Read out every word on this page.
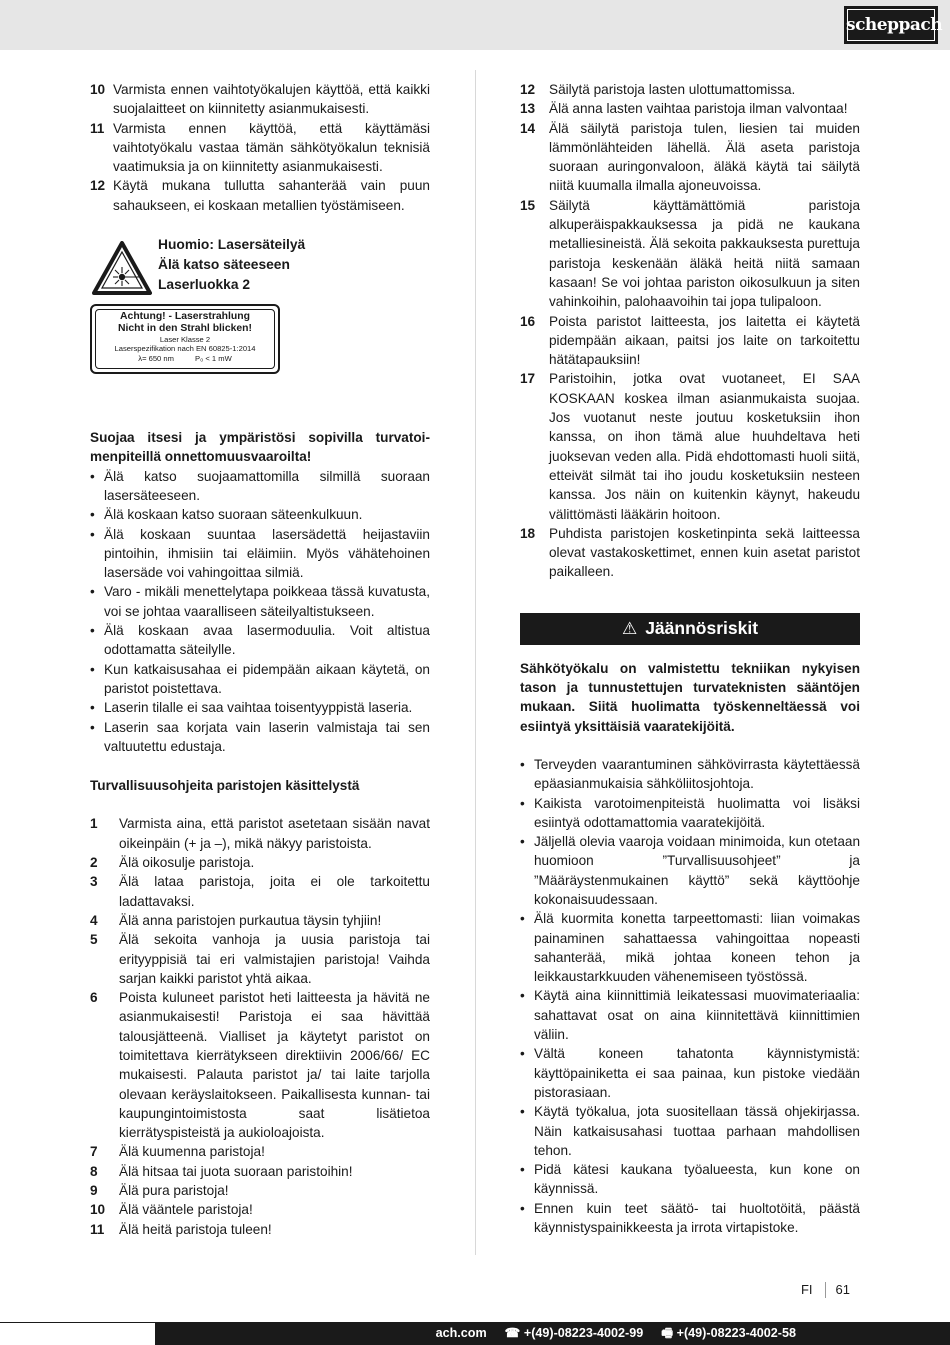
scheppach
10 Varmista ennen vaihtotyökalujen käyttöä, että kaikki suojalaitteet on kiinnitetty asianmukaisesti.
11 Varmista ennen käyttöä, että käyttämäsi vaihtotyökalu vastaa tämän sähkötyökalun teknisiä vaatimuksia ja on kiinnitetty asianmukaisesti.
12 Käytä mukana tullutta sahanterää vain puun sahaukseen, ei koskaan metallien työstämiseen.
Huomio: Lasersäteilyä
Älä katso säteeseen
Laserluokka 2
Achtung! - Laserstrahlung
Nicht in den Strahl blicken!
Laser Klasse 2
Laserspezifikation nach EN 60825-1:2014
λ= 650 nm          P₀ < 1 mW
Suojaa itsesi ja ympäristösi sopivilla turvatoi-menpiteillä onnettomuusvaaroilta!
• Älä katso suojaamattomilla silmillä suoraan lasersäteeseen.
• Älä koskaan katso suoraan säteenkulkuun.
• Älä koskaan suuntaa lasersädettä heijastaviin pintoihin, ihmisiin tai eläimiin. Myös vähätehoinen lasersäde voi vahingoittaa silmiä.
• Varo - mikäli menettelytapa poikkeaa tässä kuvatusta, voi se johtaa vaaralliseen säteilyaltistukseen.
• Älä koskaan avaa lasermoduulia. Voit altistua odottamatta säteilylle.
• Kun katkaisusahaa ei pidempään aikaan käytetä, on paristot poistettava.
• Laserin tilalle ei saa vaihtaa toisentyyppistä laseria.
• Laserin saa korjata vain laserin valmistaja tai sen valtuutettu edustaja.
Turvallisuusohjeita paristojen käsittelystä
1	Varmista aina, että paristot asetetaan sisään navat oikeinpäin (+ ja –), mikä näkyy paristoista.
2	Älä oikosulje paristoja.
3	Älä lataa paristoja, joita ei ole tarkoitettu ladattavaksi.
4	Älä anna paristojen purkautua täysin tyhjiin!
5	Älä sekoita vanhoja ja uusia paristoja tai erityyppisiä tai eri valmistajien paristoja! Vaihda sarjan kaikki paristot yhtä aikaa.
6	Poista kuluneet paristot heti laitteesta ja hävitä ne asianmukaisesti! Paristoja ei saa hävittää talousjätteenä. Vialliset ja käytetyt paristot on toimitettava kierrätykseen direktiivin 2006/66/ EC mukaisesti. Palauta paristot ja/ tai laite tarjolla olevaan keräyslaitokseen. Paikallisesta kunnan- tai kaupungintoimistosta saat lisätietoa kierrätyspisteistä ja aukioloajoista.
7	Älä kuumenna paristoja!
8	Älä hitsaa tai juota suoraan paristoihin!
9	Älä pura paristoja!
10	Älä vääntele paristoja!
11	Älä heitä paristoja tuleen!
12	Säilytä paristoja lasten ulottumattomissa.
13	Älä anna lasten vaihtaa paristoja ilman valvontaa!
14	Älä säilytä paristoja tulen, liesien tai muiden lämmönlähteiden lähellä. Älä aseta paristoja suoraan auringonvaloon, äläkä käytä tai säilytä niitä kuumalla ilmalla ajoneuvoissa.
15	Säilytä käyttämättömiä paristoja alkuperäispakkauksessa ja pidä ne kaukana metalliesineistä. Älä sekoita pakkauksesta purettuja paristoja keskenään äläkä heitä niitä samaan kasaan! Se voi johtaa pariston oikosulkuun ja siten vahinkoihin, palohaavoihin tai jopa tulipaloon.
16	Poista paristot laitteesta, jos laitetta ei käytetä pidempään aikaan, paitsi jos laite on tarkoitettu hätätapauksiin!
17	Paristoihin, jotka ovat vuotaneet, EI SAA KOSKAAN koskea ilman asianmukaista suojaa. Jos vuotanut neste joutuu kosketuksiin ihon kanssa, on ihon tämä alue huuhdeltava heti juoksevan veden alla. Pidä ehdottomasti huoli siitä, etteivät silmät tai iho joudu kosketuksiin nesteen kanssa. Jos näin on kuitenkin käynyt, hakeudu välittömästi lääkärin hoitoon.
18	Puhdista paristojen kosketinpinta sekä laitteessa olevat vastakoskettimet, ennen kuin asetat paristot paikalleen.
⚠ Jäännösriskit
Sähkötyökalu on valmistettu tekniikan nykyisen tason ja tunnustettujen turvateknisten sääntöjen mukaan. Siitä huolimatta työskenneltäessä voi esiintyä yksittäisiä vaaratekijöitä.
• Terveyden vaarantuminen sähkövirrasta käytettäessä epäasianmukaisia sähköliitosjohtoja.
• Kaikista varotoimenpiteistä huolimatta voi lisäksi esiintyä odottamattomia vaaratekijöitä.
• Jäljellä olevia vaaroja voidaan minimoida, kun otetaan huomioon ”Turvallisuusohjeet” ja ”Määräystenmukainen käyttö” sekä käyttöohje kokonaisuudessaan.
• Älä kuormita konetta tarpeettomasti: liian voimakas painaminen sahattaessa vahingoittaa nopeasti sahanterää, mikä johtaa koneen tehon ja leikkaustarkkuuden vähenemiseen työstössä.
• Käytä aina kiinnittimiä leikatessasi muovimateriaalia: sahattavat osat on aina kiinnitettävä kiinnittimien väliin.
• Vältä koneen tahatonta käynnistymistä: käyttöpainiketta ei saa painaa, kun pistoke viedään pistorasiaan.
• Käytä työkalua, jota suositellaan tässä ohjekirjassa. Näin katkaisusahasi tuottaa parhaan mahdollisen tehon.
• Pidä kätesi kaukana työalueesta, kun kone on käynnissä.
• Ennen kuin teet säätö- tai huoltotöitä, päästä käynnistyspainikkeesta ja irrota virtapistoke.
FI	61
ach.com ☎ +(49)-08223-4002-99 🖷 +(49)-08223-4002-58
